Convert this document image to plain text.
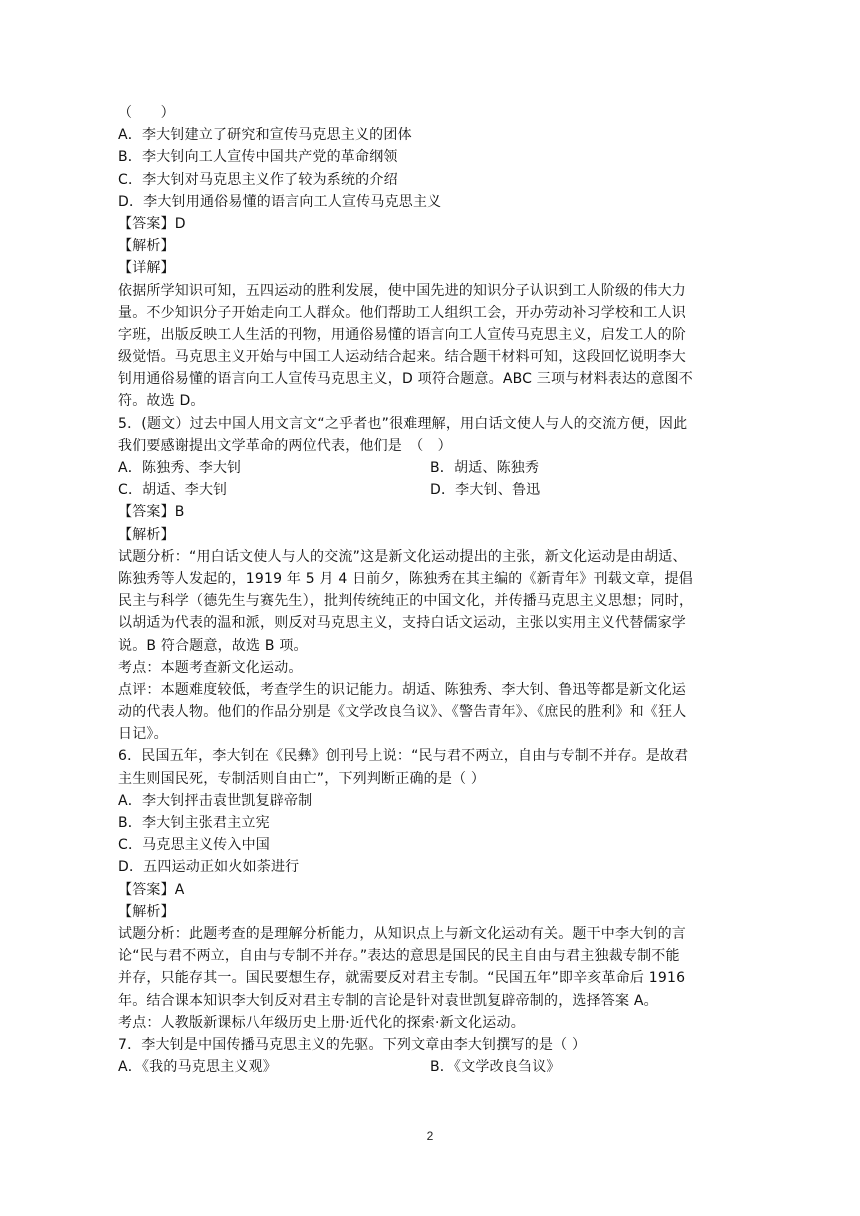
（　　）
A．李大钊建立了研究和宣传马克思主义的团体
B．李大钊向工人宣传中国共产党的革命纲领
C．李大钊对马克思主义作了较为系统的介绍
D．李大钊用通俗易懂的语言向工人宣传马克思主义
【答案】D
【解析】
【详解】
依据所学知识可知，五四运动的胜利发展，使中国先进的知识分子认识到工人阶级的伟大力
量。不少知识分子开始走向工人群众。他们帮助工人组织工会，开办劳动补习学校和工人识
字班，出版反映工人生活的刊物，用通俗易懂的语言向工人宣传马克思主义，启发工人的阶
级觉悟。马克思主义开始与中国工人运动结合起来。结合题干材料可知，这段回忆说明李大
钊用通俗易懂的语言向工人宣传马克思主义，D 项符合题意。ABC 三项与材料表达的意图不
符。故选 D。
5．(题文）过去中国人用文言文“之乎者也”很难理解，用白话文使人与人的交流方便，因此
我们要感谢提出文学革命的两位代表，他们是　（　）
A．陈独秀、李大钊	B．胡适、陈独秀
C．胡适、李大钊	D．李大钊、鲁迅
【答案】B
【解析】
试题分析：“用白话文使人与人的交流”这是新文化运动提出的主张，新文化运动是由胡适、
陈独秀等人发起的，1919 年 5 月 4 日前夕，陈独秀在其主编的《新青年》刊载文章，提倡
民主与科学（德先生与赛先生），批判传统纯正的中国文化，并传播马克思主义思想；同时，
以胡适为代表的温和派，则反对马克思主义，支持白话文运动，主张以实用主义代替儒家学
说。B 符合题意，故选 B 项。
考点：本题考查新文化运动。
点评：本题难度较低，考查学生的识记能力。胡适、陈独秀、李大钊、鲁迅等都是新文化运
动的代表人物。他们的作品分别是《文学改良刍议》、《警告青年》、《庶民的胜利》和《狂人
日记》。
6．民国五年，李大钊在《民彝》创刊号上说：“民与君不两立，自由与专制不并存。是故君
主生则国民死，专制活则自由亡”，下列判断正确的是（ ）
A．李大钊抨击袁世凯复辟帝制
B．李大钊主张君主立宪
C．马克思主义传入中国
D．五四运动正如火如荼进行
【答案】A
【解析】
试题分析：此题考查的是理解分析能力，从知识点上与新文化运动有关。题干中李大钊的言
论“民与君不两立，自由与专制不并存。”表达的意思是国民的民主自由与君主独裁专制不能
并存，只能存其一。国民要想生存，就需要反对君主专制。“民国五年”即辛亥革命后 1916
年。结合课本知识李大钊反对君主专制的言论是针对袁世凯复辟帝制的，选择答案 A。
考点：人教版新课标八年级历史上册·近代化的探索·新文化运动。
7．李大钊是中国传播马克思主义的先驱。下列文章由李大钊撰写的是（ ）
A．《我的马克思主义观》	B．《文学改良刍议》
2
